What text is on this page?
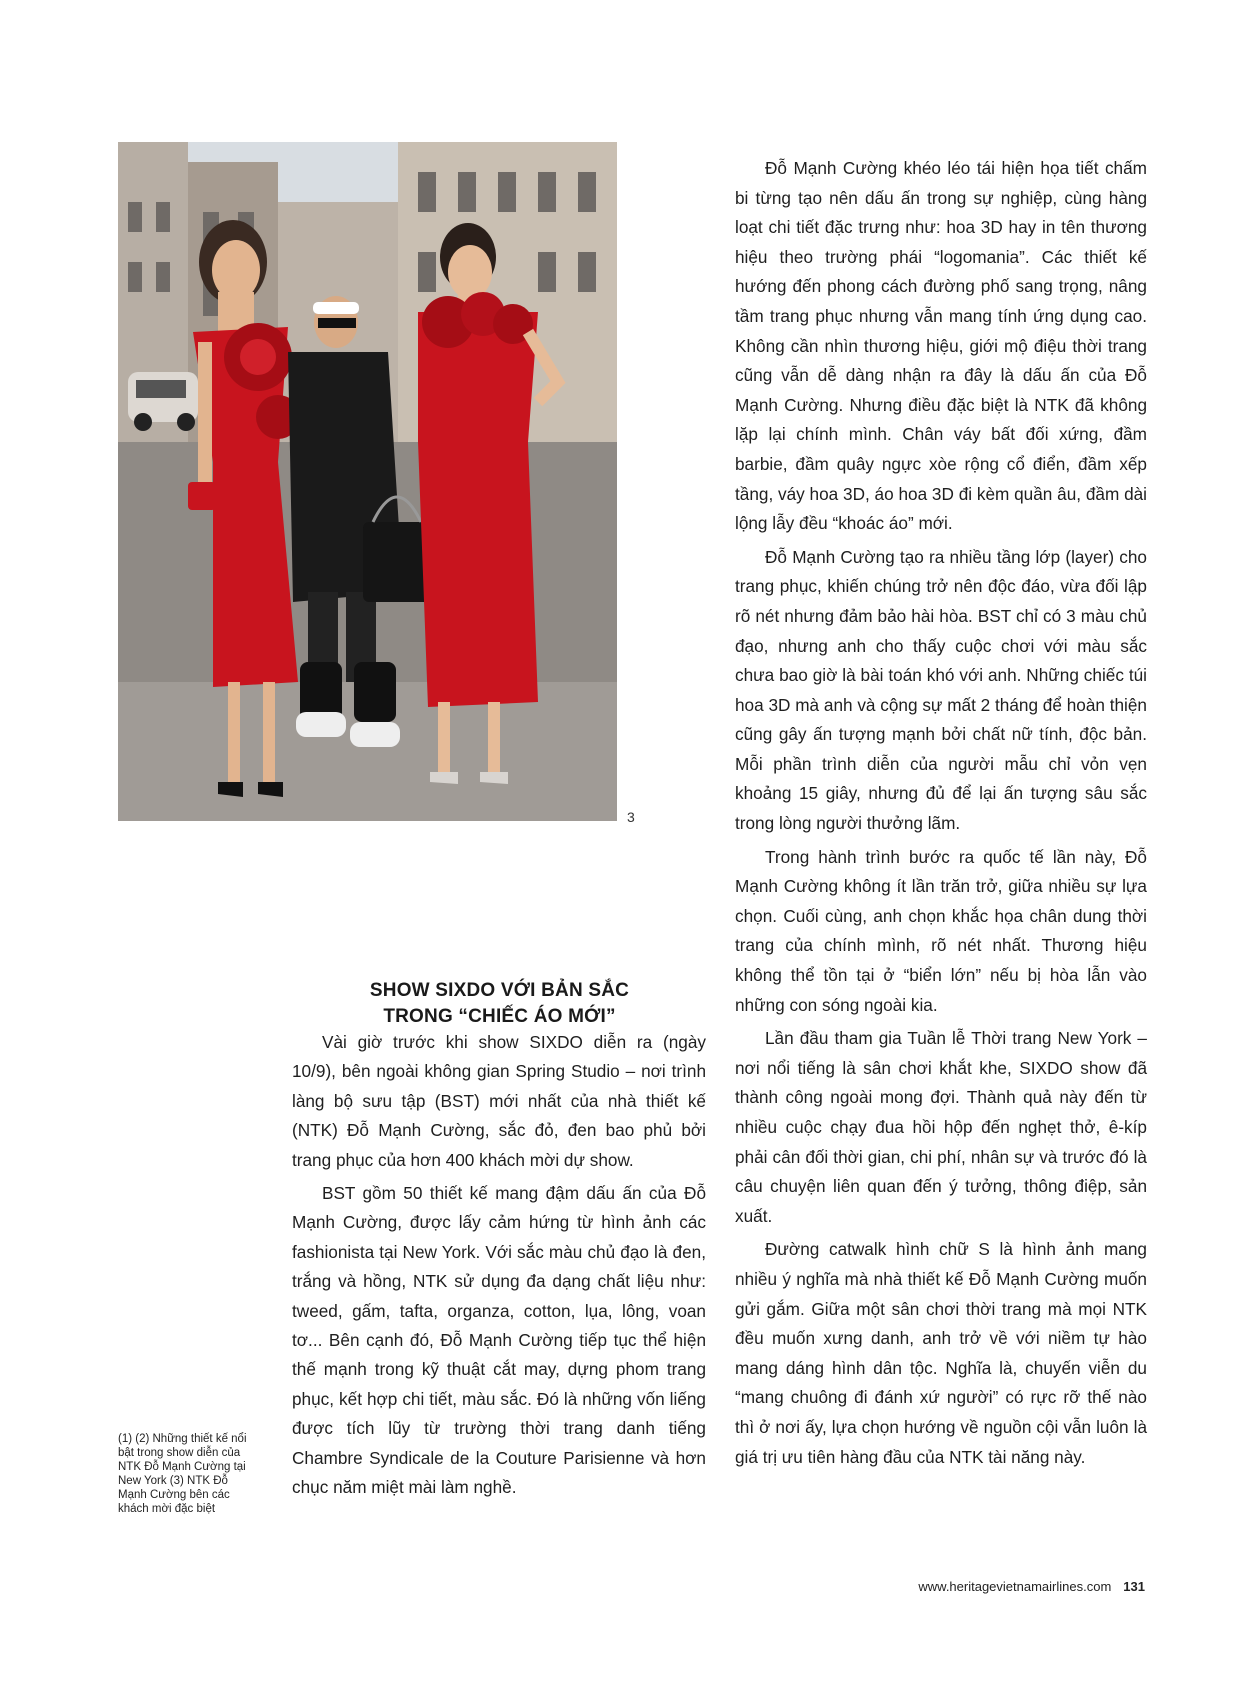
3

Đỗ Mạnh Cường khéo léo tái hiện họa tiết chấm bi từng tạo nên dấu ấn trong sự nghiệp, cùng hàng loạt chi tiết đặc trưng như: hoa 3D hay in tên thương hiệu theo trường phái “logomania”. Các thiết kế hướng đến phong cách đường phố sang trọng, nâng tầm trang phục nhưng vẫn mang tính ứng dụng cao. Không cần nhìn thương hiệu, giới mộ điệu thời trang cũng vẫn dễ dàng nhận ra đây là dấu ấn của Đỗ Mạnh Cường. Nhưng điều đặc biệt là NTK đã không lặp lại chính mình. Chân váy bất đối xứng, đầm barbie, đầm quây ngực xòe rộng cổ điển, đầm xếp tầng, váy hoa 3D, áo hoa 3D đi kèm quần âu, đầm dài lộng lẫy đều “khoác áo” mới.

Đỗ Mạnh Cường tạo ra nhiều tầng lớp (layer) cho trang phục, khiến chúng trở nên độc đáo, vừa đối lập rõ nét nhưng đảm bảo hài hòa. BST chỉ có 3 màu chủ đạo, nhưng anh cho thấy cuộc chơi với màu sắc chưa bao giờ là bài toán khó với anh. Những chiếc túi hoa 3D mà anh và cộng sự mất 2 tháng để hoàn thiện cũng gây ấn tượng mạnh bởi chất nữ tính, độc bản. Mỗi phần trình diễn của người mẫu chỉ vỏn vẹn khoảng 15 giây, nhưng đủ để lại ấn tượng sâu sắc trong lòng người thưởng lãm.

Trong hành trình bước ra quốc tế lần này, Đỗ Mạnh Cường không ít lần trăn trở, giữa nhiều sự lựa chọn. Cuối cùng, anh chọn khắc họa chân dung thời trang của chính mình, rõ nét nhất. Thương hiệu không thể tồn tại ở “biển lớn” nếu bị hòa lẫn vào những con sóng ngoài kia.

Lần đầu tham gia Tuần lễ Thời trang New York – nơi nổi tiếng là sân chơi khắt khe, SIXDO show đã thành công ngoài mong đợi. Thành quả này đến từ nhiều cuộc chạy đua hồi hộp đến nghẹt thở, ê-kíp phải cân đối thời gian, chi phí, nhân sự và trước đó là câu chuyện liên quan đến ý tưởng, thông điệp, sản xuất.

Đường catwalk hình chữ S là hình ảnh mang nhiều ý nghĩa mà nhà thiết kế Đỗ Mạnh Cường muốn gửi gắm. Giữa một sân chơi thời trang mà mọi NTK đều muốn xưng danh, anh trở về với niềm tự hào mang dáng hình dân tộc. Nghĩa là, chuyến viễn du “mang chuông đi đánh xứ người” có rực rỡ thế nào thì ở nơi ấy, lựa chọn hướng về nguồn cội vẫn luôn là giá trị ưu tiên hàng đầu của NTK tài năng này.

SHOW SIXDO VỚI BẢN SẮC
TRONG “CHIẾC ÁO MỚI”

Vài giờ trước khi show SIXDO diễn ra (ngày 10/9), bên ngoài không gian Spring Studio – nơi trình làng bộ sưu tập (BST) mới nhất của nhà thiết kế (NTK) Đỗ Mạnh Cường, sắc đỏ, đen bao phủ bởi trang phục của hơn 400 khách mời dự show.

BST gồm 50 thiết kế mang đậm dấu ấn của Đỗ Mạnh Cường, được lấy cảm hứng từ hình ảnh các fashionista tại New York. Với sắc màu chủ đạo là đen, trắng và hồng, NTK sử dụng đa dạng chất liệu như: tweed, gấm, tafta, organza, cotton, lụa, lông, voan tơ... Bên cạnh đó, Đỗ Mạnh Cường tiếp tục thể hiện thế mạnh trong kỹ thuật cắt may, dựng phom trang phục, kết hợp chi tiết, màu sắc. Đó là những vốn liếng được tích lũy từ trường thời trang danh tiếng Chambre Syndicale de la Couture Parisienne và hơn chục năm miệt mài làm nghề.

(1) (2) Những thiết kế nổi bật trong show diễn của NTK Đỗ Mạnh Cường tại New York (3) NTK Đỗ Mạnh Cường bên các khách mời đặc biệt
www.heritagevietnamairlines.com 131
